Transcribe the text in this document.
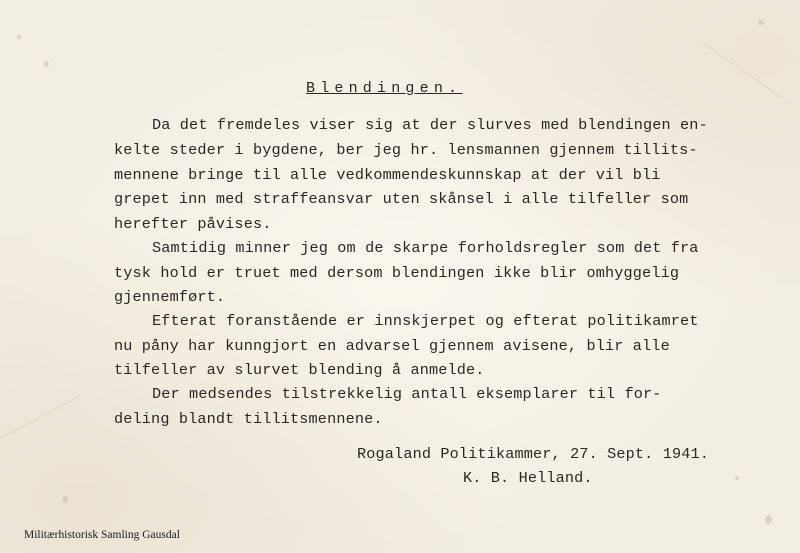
Blendingen.
Da det fremdeles viser sig at der slurves med blendingen en-
kelte steder i bygdene, ber jeg hr. lensmannen gjennem tillits-
mennene bringe til alle vedkommendeskunnskap at der vil bli
grepet inn med straffeansvar uten skånsel i alle tilfeller som
herefter påvises.
Samtidig minner jeg om de skarpe forholdsregler som det fra
tysk hold er truet med dersom blendingen ikke blir omhyggelig
gjennemført.
Efterat foranstående er innskjerpet og efterat politikamret
nu påny har kunngjort en advarsel gjennem avisene, blir alle
tilfeller av slurvet blending å anmelde.
Der medsendes tilstrekkelig antall eksemplarer til for-
deling blandt tillitsmennene.
Rogaland Politikammer, 27. Sept. 1941.
K. B. Helland.
Militærhistorisk Samling Gausdal
